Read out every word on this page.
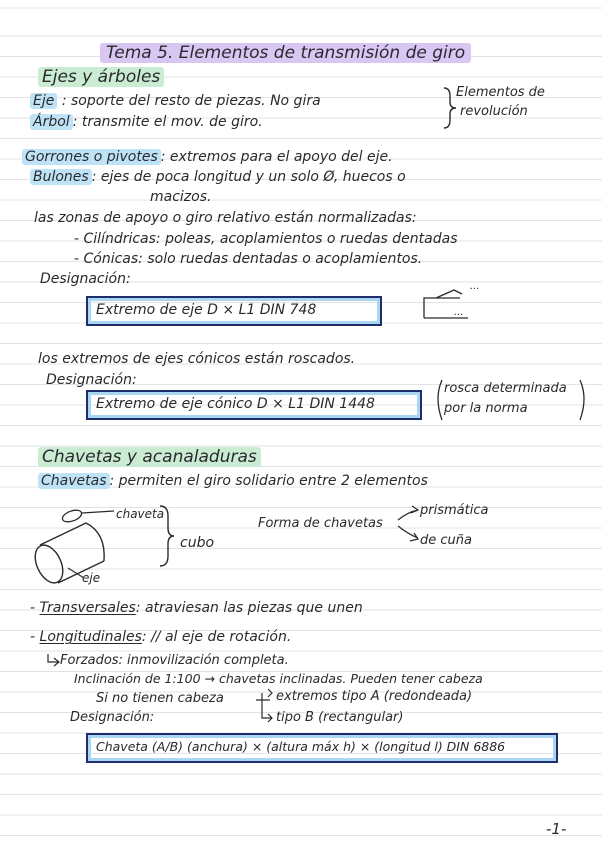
Tema 5. Elementos de transmisión de giro
Ejes y árboles
Eje : soporte del resto de piezas. No gira
Árbol : transmite el mov. de giro.
Elementos de
revolución
Gorrones o pivotes : extremos para el apoyo del eje.
Bulones : ejes de poca longitud y un solo Ø, huecos o
macizos.
las zonas de apoyo o giro relativo están normalizadas:
- Cilíndricas: poleas, acoplamientos o ruedas dentadas
- Cónicas: solo ruedas dentadas o acoplamientos.
Designación:
Extremo de eje D × L1 DIN 748
...
...
los extremos de ejes cónicos están roscados.
Designación:
Extremo de eje cónico D × L1 DIN 1448
rosca determinada
por la norma
Chavetas y acanaladuras
Chavetas : permiten el giro solidario entre 2 elementos
chaveta
cubo
eje
Forma de chavetas
prismática
de cuña
- Transversales: atraviesan las piezas que unen
- Longitudinales: // al eje de rotación.
Forzados: inmovilización completa.
Inclinación de 1:100 → chavetas inclinadas. Pueden tener cabeza
Si no tienen cabeza	extremos tipo A (redondeada)
tipo B (rectangular)
Designación:
Chaveta (A/B) (anchura) × (altura máx h) × (longitud l) DIN 6886
-1-
